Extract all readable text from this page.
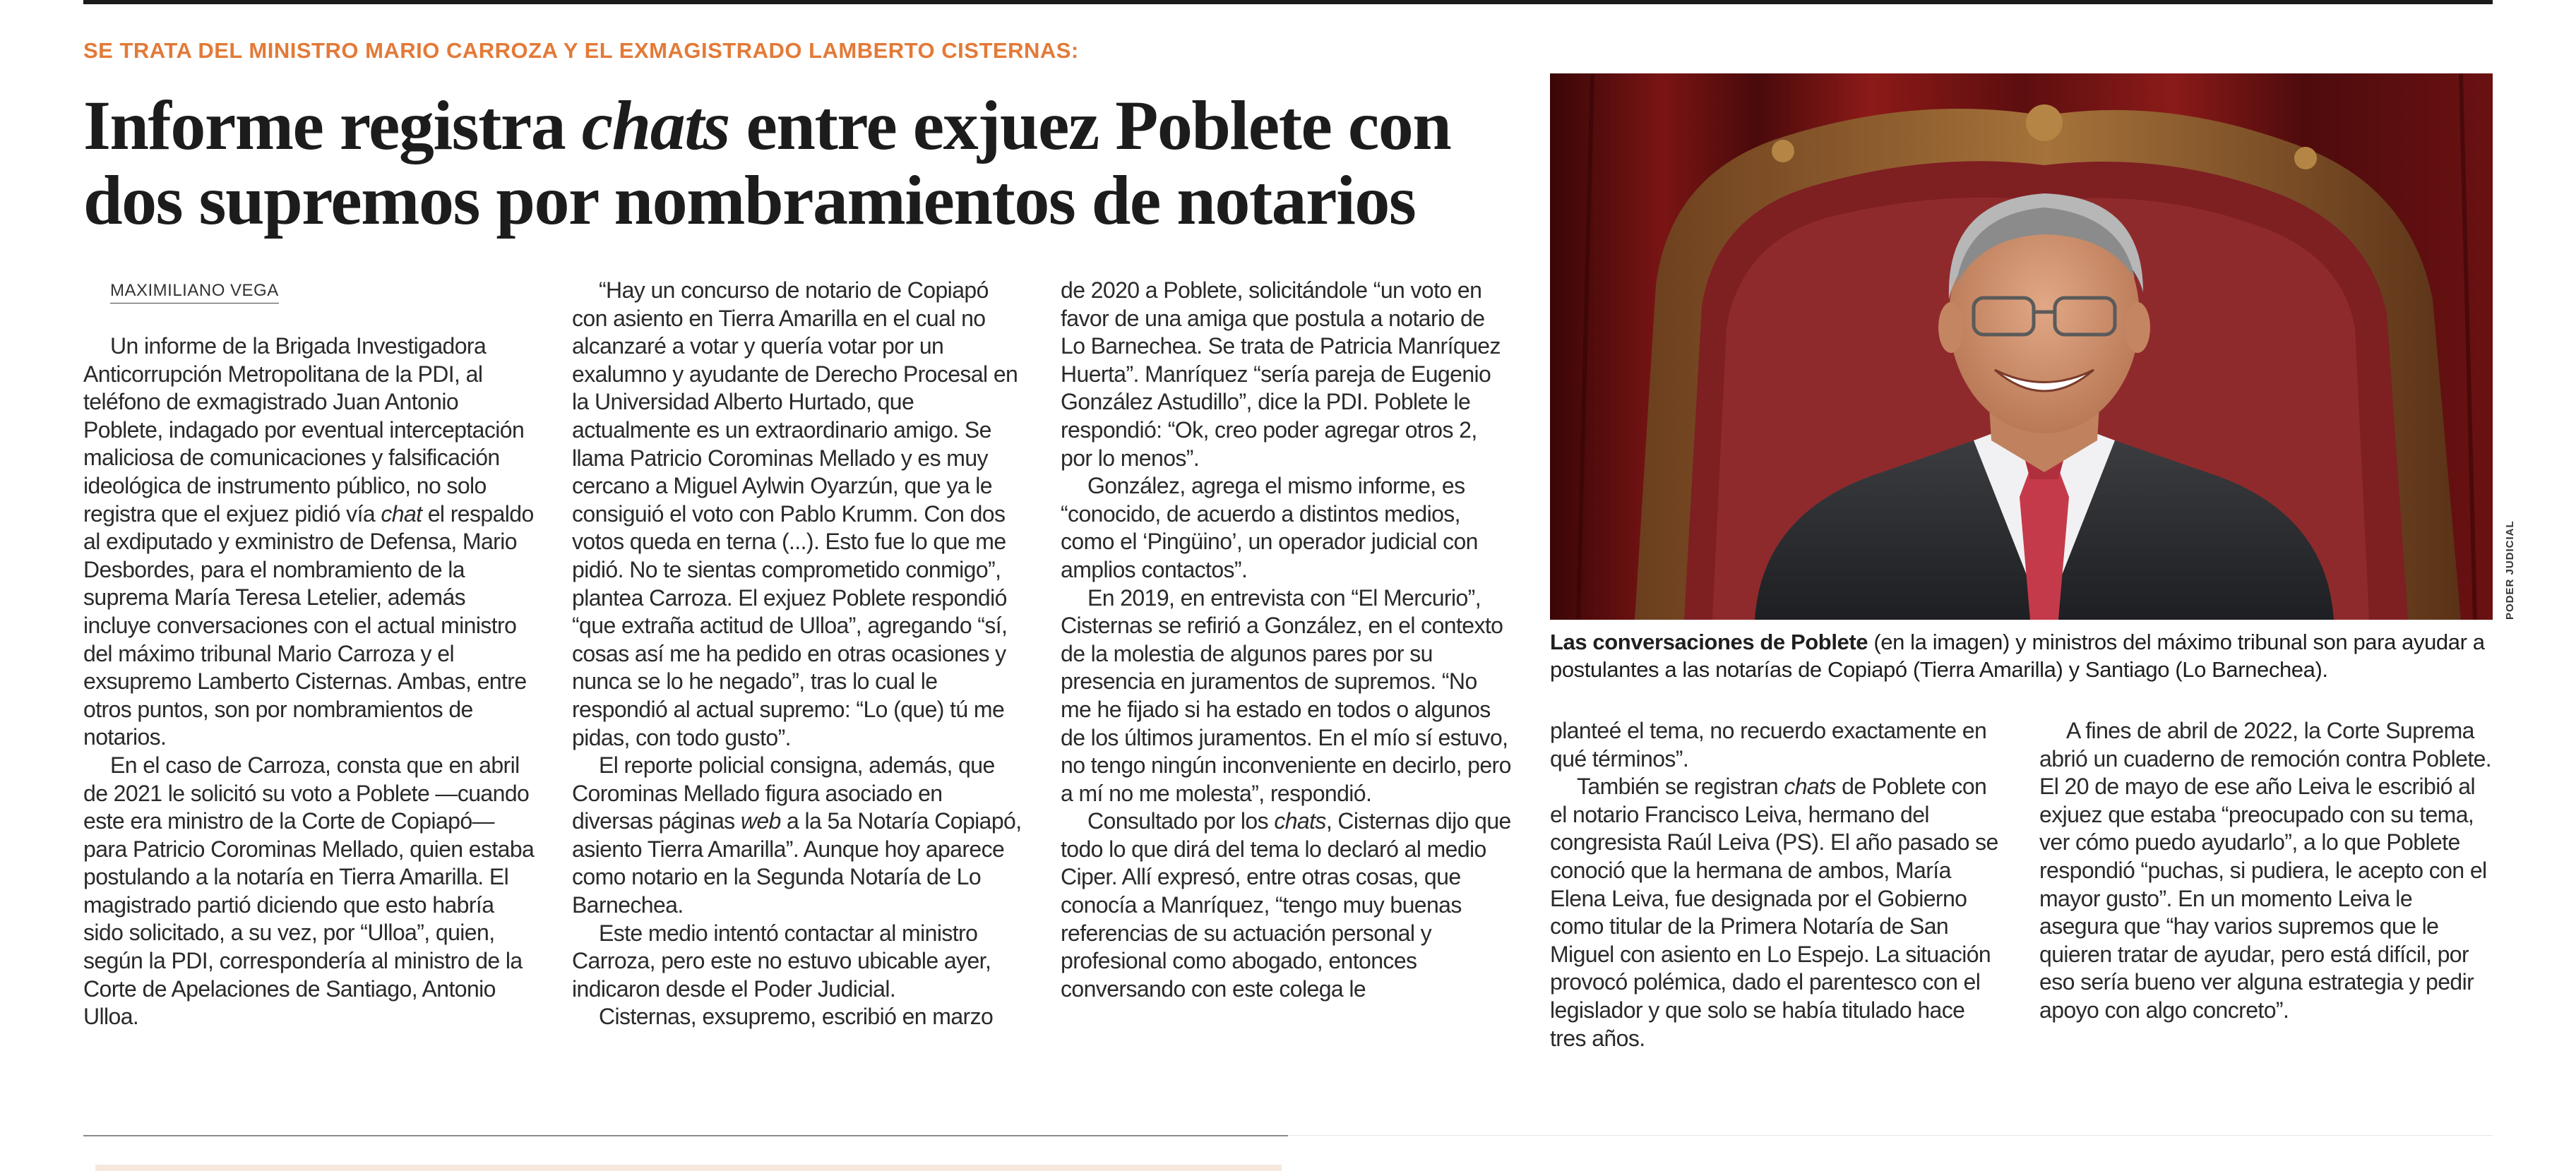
SE TRATA DEL MINISTRO MARIO CARROZA Y EL EXMAGISTRADO LAMBERTO CISTERNAS:
Informe registra chats entre exjuez Poblete con
dos supremos por nombramientos de notarios
MAXIMILIANO VEGA

Un informe de la Brigada Investigadora Anticorrupción Metropolitana de la PDI, al teléfono de exmagistrado Juan Antonio Poblete, indagado por eventual interceptación maliciosa de comunicaciones y falsificación ideológica de instrumento público, no solo registra que el exjuez pidió vía chat el respaldo al exdiputado y exministro de Defensa, Mario Desbordes, para el nombramiento de la suprema María Teresa Letelier, además incluye conversaciones con el actual ministro del máximo tribunal Mario Carroza y el exsupremo Lamberto Cisternas. Ambas, entre otros puntos, son por nombramientos de notarios.

En el caso de Carroza, consta que en abril de 2021 le solicitó su voto a Poblete —cuando este era ministro de la Corte de Copiapó— para Patricio Corominas Mellado, quien estaba postulando a la notaría en Tierra Amarilla. El magistrado partió diciendo que esto habría sido solicitado, a su vez, por “Ulloa”, quien, según la PDI, correspondería al ministro de la Corte de Apelaciones de Santiago, Antonio Ulloa.

“Hay un concurso de notario de Copiapó con asiento en Tierra Amarilla en el cual no alcanzaré a votar y quería votar por un exalumno y ayudante de Derecho Procesal en la Universidad Alberto Hurtado, que actualmente es un extraordinario amigo. Se llama Patricio Corominas Mellado y es muy cercano a Miguel Aylwin Oyarzún, que ya le consiguió el voto con Pablo Krumm. Con dos votos queda en terna (...). Esto fue lo que me pidió. No te sientas comprometido conmigo”, plantea Carroza. El exjuez Poblete respondió “que extraña actitud de Ulloa”, agregando “sí, cosas así me ha pedido en otras ocasiones y nunca se lo he negado”, tras lo cual le respondió al actual supremo: “Lo (que) tú me pidas, con todo gusto”.

El reporte policial consigna, además, que Corominas Mellado figura asociado en diversas páginas web a la 5a Notaría Copiapó, asiento Tierra Amarilla”. Aunque hoy aparece como notario en la Segunda Notaría de Lo Barnechea.

Este medio intentó contactar al ministro Carroza, pero este no estuvo ubicable ayer, indicaron desde el Poder Judicial.

Cisternas, exsupremo, escribió en marzo

de 2020 a Poblete, solicitándole “un voto en favor de una amiga que postula a notario de Lo Barnechea. Se trata de Patricia Manríquez Huerta”. Manríquez “sería pareja de Eugenio González Astudillo”, dice la PDI. Poblete le respondió: “Ok, creo poder agregar otros 2, por lo menos”.

González, agrega el mismo informe, es “conocido, de acuerdo a distintos medios, como el ‘Pingüino’, un operador judicial con amplios contactos”.

En 2019, en entrevista con “El Mercurio”, Cisternas se refirió a González, en el contexto de la molestia de algunos pares por su presencia en juramentos de supremos. “No me he fijado si ha estado en todos o algunos de los últimos juramentos. En el mío sí estuvo, no tengo ningún inconveniente en decirlo, pero a mí no me molesta”, respondió.

Consultado por los chats, Cisternas dijo que todo lo que dirá del tema lo declaró al medio Ciper. Allí expresó, entre otras cosas, que conocía a Manríquez, “tengo muy buenas referencias de su actuación personal y profesional como abogado, entonces conversando con este colega le

PODER JUDICIAL
Las conversaciones de Poblete (en la imagen) y ministros del máximo tribunal son para ayudar a postulantes a las notarías de Copiapó (Tierra Amarilla) y Santiago (Lo Barnechea).

planteé el tema, no recuerdo exactamente en qué términos”.

También se registran chats de Poblete con el notario Francisco Leiva, hermano del congresista Raúl Leiva (PS). El año pasado se conoció que la hermana de ambos, María Elena Leiva, fue designada por el Gobierno como titular de la Primera Notaría de San Miguel con asiento en Lo Espejo. La situación provocó polémica, dado el parentesco con el legislador y que solo se había titulado hace tres años.

A fines de abril de 2022, la Corte Suprema abrió un cuaderno de remoción contra Poblete. El 20 de mayo de ese año Leiva le escribió al exjuez que estaba “preocupado con su tema, ver cómo puedo ayudarlo”, a lo que Poblete respondió “puchas, si pudiera, le acepto con el mayor gusto”. En un momento Leiva le asegura que “hay varios supremos que le quieren tratar de ayudar, pero está difícil, por eso sería bueno ver alguna estrategia y pedir apoyo con algo concreto”.
